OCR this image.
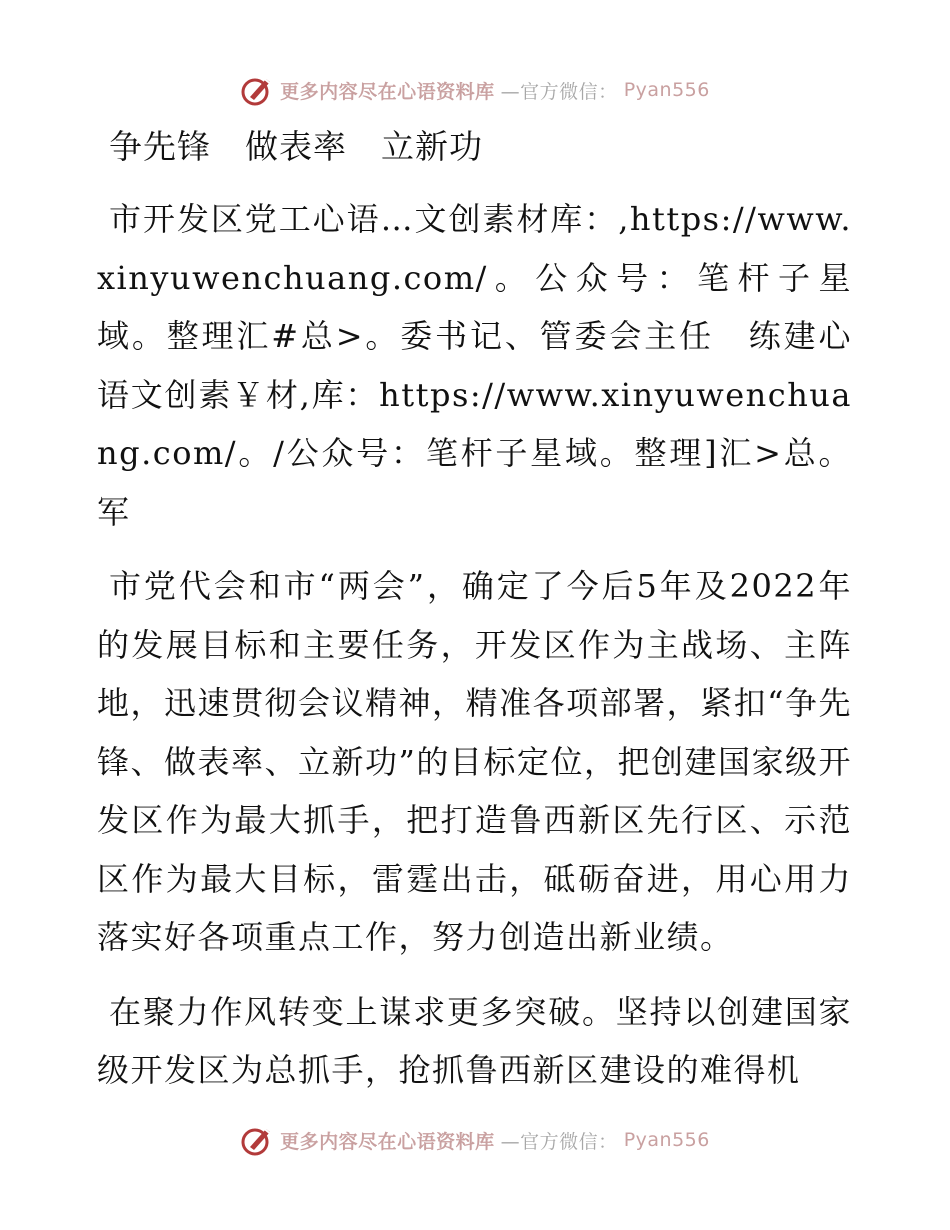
更多内容尽在心语资料库 —官方微信： Pyan556
争先锋　做表率　立新功

市开发区党工心语…文创素材库：,https://www.xinyuwenchuang.com/。公众号：笔杆子星域。整理汇#总>。委书记、管委会主任　练建心语文创素￥材,库：https://www.xinyuwenchuang.com/。/公众号：笔杆子星域。整理]汇>总。军

市党代会和市“两会”，确定了今后5年及2022年的发展目标和主要任务，开发区作为主战场、主阵地，迅速贯彻会议精神，精准各项部署，紧扣“争先锋、做表率、立新功”的目标定位，把创建国家级开发区作为最大抓手，把打造鲁西新区先行区、示范区作为最大目标，雷霆出击，砥砺奋进，用心用力落实好各项重点工作，努力创造出新业绩。

在聚力作风转变上谋求更多突破。坚持以创建国家级开发区为总抓手，抢抓鲁西新区建设的难得机

更多内容尽在心语资料库 —官方微信： Pyan556
